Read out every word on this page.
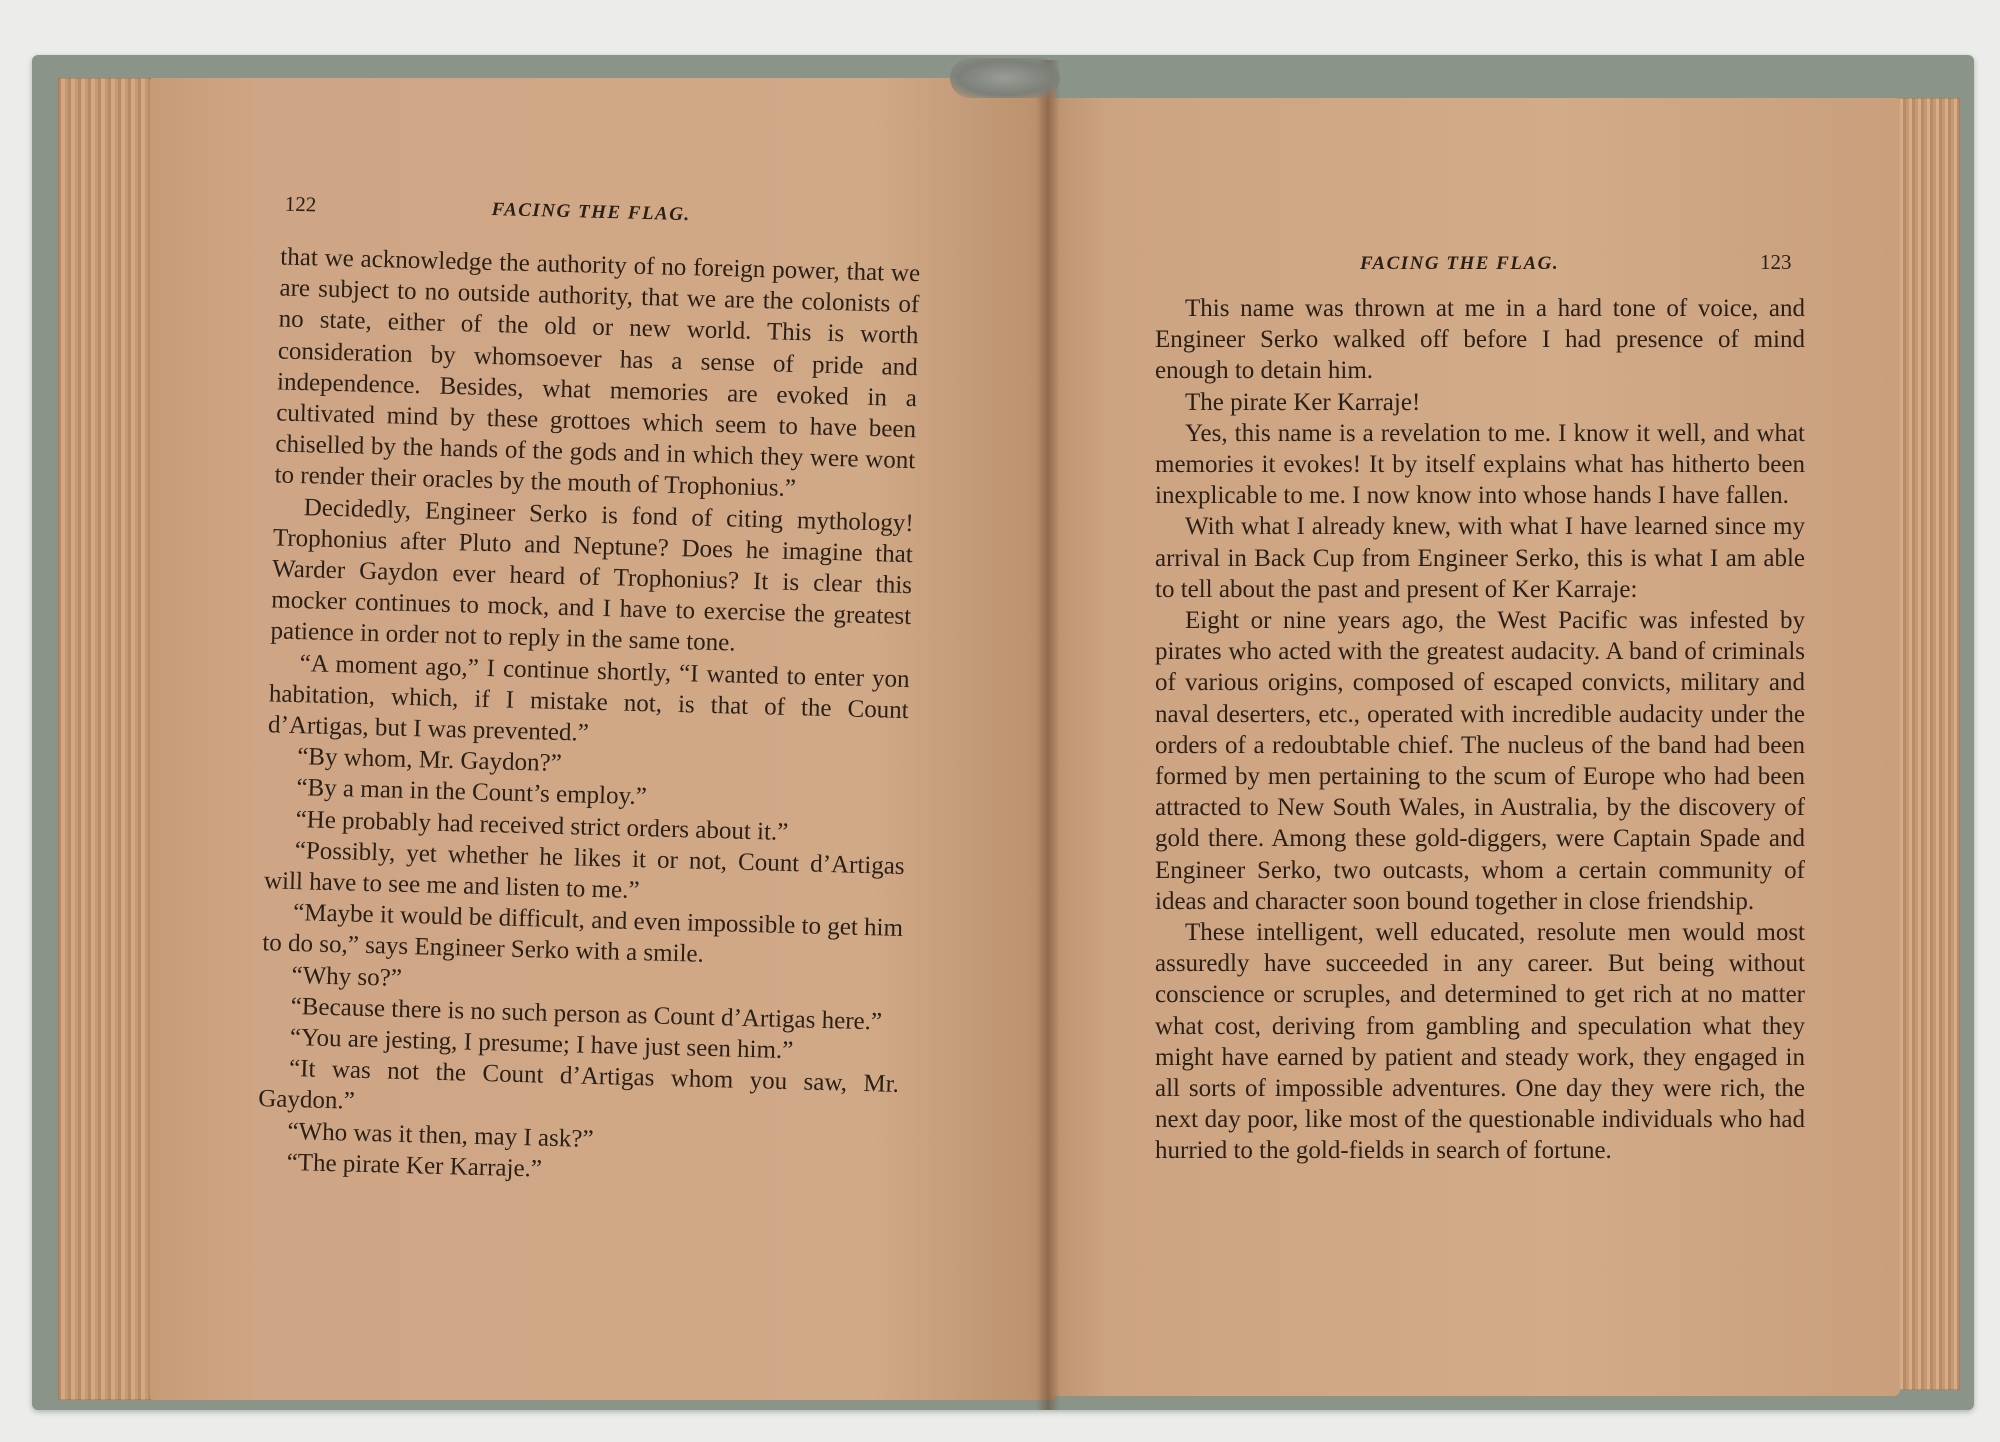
122	FACING THE FLAG.

that we acknowledge the authority of no foreign power, that we are subject to no outside authority, that we are the colonists of no state, either of the old or new world. This is worth consideration by whomsoever has a sense of pride and independence. Besides, what memories are evoked in a cultivated mind by these grottoes which seem to have been chiselled by the hands of the gods and in which they were wont to render their oracles by the mouth of Trophonius.”

Decidedly, Engineer Serko is fond of citing mythology! Trophonius after Pluto and Neptune? Does he imagine that Warder Gaydon ever heard of Trophonius? It is clear this mocker continues to mock, and I have to exercise the greatest patience in order not to reply in the same tone.

“A moment ago,” I continue shortly, “I wanted to enter yon habitation, which, if I mistake not, is that of the Count d’Artigas, but I was prevented.”

“By whom, Mr. Gaydon?”

“By a man in the Count’s employ.”

“He probably had received strict orders about it.”

“Possibly, yet whether he likes it or not, Count d’Artigas will have to see me and listen to me.”

“Maybe it would be difficult, and even impossible to get him to do so,” says Engineer Serko with a smile.

“Why so?”

“Because there is no such person as Count d’Artigas here.”

“You are jesting, I presume; I have just seen him.”

“It was not the Count d’Artigas whom you saw, Mr. Gaydon.”

“Who was it then, may I ask?”

“The pirate Ker Karraje.”

FACING THE FLAG.	123

This name was thrown at me in a hard tone of voice, and Engineer Serko walked off before I had presence of mind enough to detain him.

The pirate Ker Karraje!

Yes, this name is a revelation to me. I know it well, and what memories it evokes! It by itself explains what has hitherto been inexplicable to me. I now know into whose hands I have fallen.

With what I already knew, with what I have learned since my arrival in Back Cup from Engineer Serko, this is what I am able to tell about the past and present of Ker Karraje:

Eight or nine years ago, the West Pacific was infested by pirates who acted with the greatest audacity. A band of criminals of various origins, composed of escaped convicts, military and naval deserters, etc., operated with incredible audacity under the orders of a redoubtable chief. The nucleus of the band had been formed by men pertaining to the scum of Europe who had been attracted to New South Wales, in Australia, by the discovery of gold there. Among these gold-diggers, were Captain Spade and Engineer Serko, two outcasts, whom a certain community of ideas and character soon bound together in close friendship.

These intelligent, well educated, resolute men would most assuredly have succeeded in any career. But being without conscience or scruples, and determined to get rich at no matter what cost, deriving from gambling and speculation what they might have earned by patient and steady work, they engaged in all sorts of impossible adventures. One day they were rich, the next day poor, like most of the questionable individuals who had hurried to the gold-fields in search of fortune.
